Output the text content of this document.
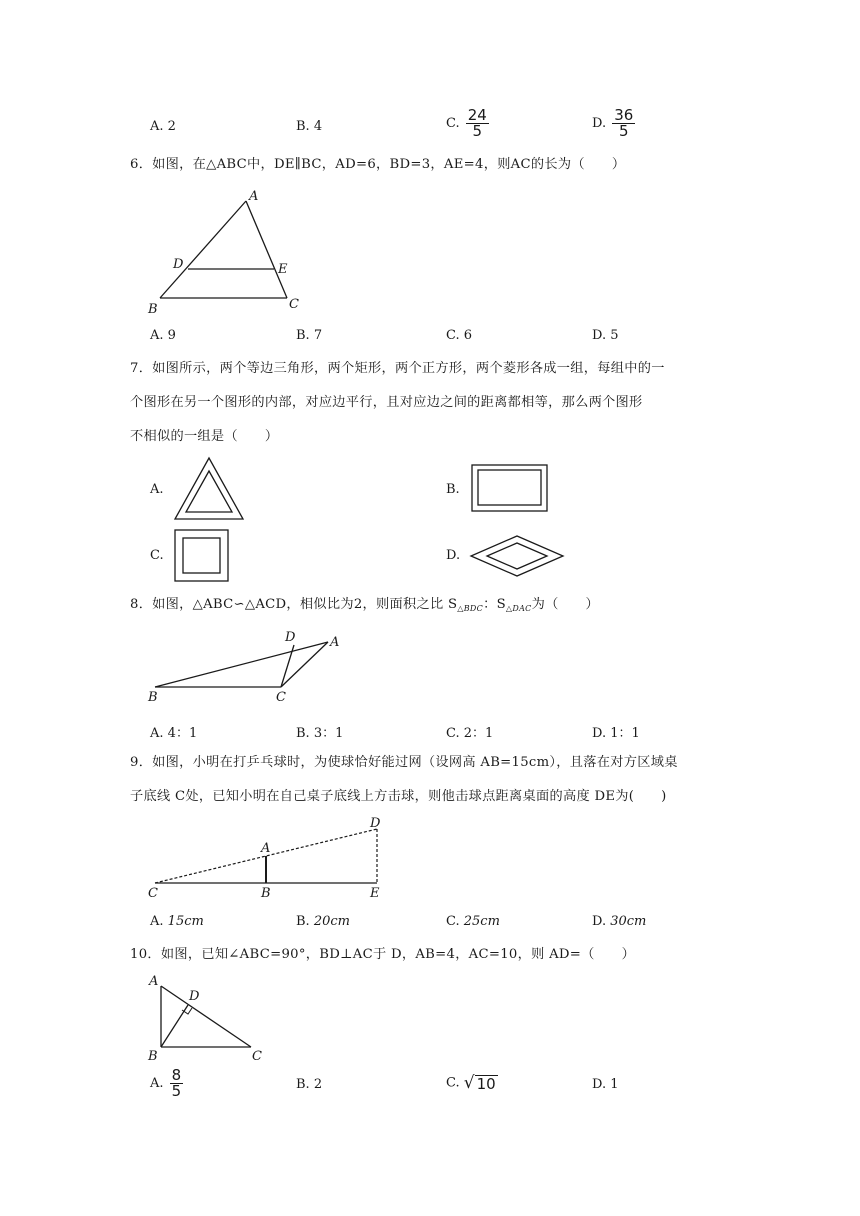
A. 2	B. 4	C. $\frac{24}{5}$	D. $\frac{36}{5}$
6．如图，在△ABC中，DE∥BC，AD=6，BD=3，AE=4，则AC的长为（　　）
A
D	E
B	C
A. 9	B. 7	C. 6	D. 5
7．如图所示，两个等边三角形，两个矩形，两个正方形，两个菱形各成一组，每组中的一
个图形在另一个图形的内部，对应边平行，且对应边之间的距离都相等，那么两个图形
不相似的一组是（　　）
A.	B.
C.	D.
8．如图，△ABC∽△ACD，相似比为2，则面积之比 $S_{\triangle BDC}$：$S_{\triangle DAC}$为（　　）
B	C
D	A
A. 4：1	B. 3：1	C. 2：1	D. 1：1
9．如图，小明在打乒乓球时，为使球恰好能过网（设网高 AB=15cm），且落在对方区域桌
子底线 C处，已知小明在自己桌子底线上方击球，则他击球点距离桌面的高度 DE为(　　)
C	B
A
D
E
A. 15cm	B. 20cm	C. 25cm	D. 30cm
10．如图，已知∠ABC=90°，BD⊥AC于 D，AB=4，AC=10，则 AD=（　　）
A
D
B	C
A. $\frac{8}{5}$	B. 2	C. √ 10	D. 1
